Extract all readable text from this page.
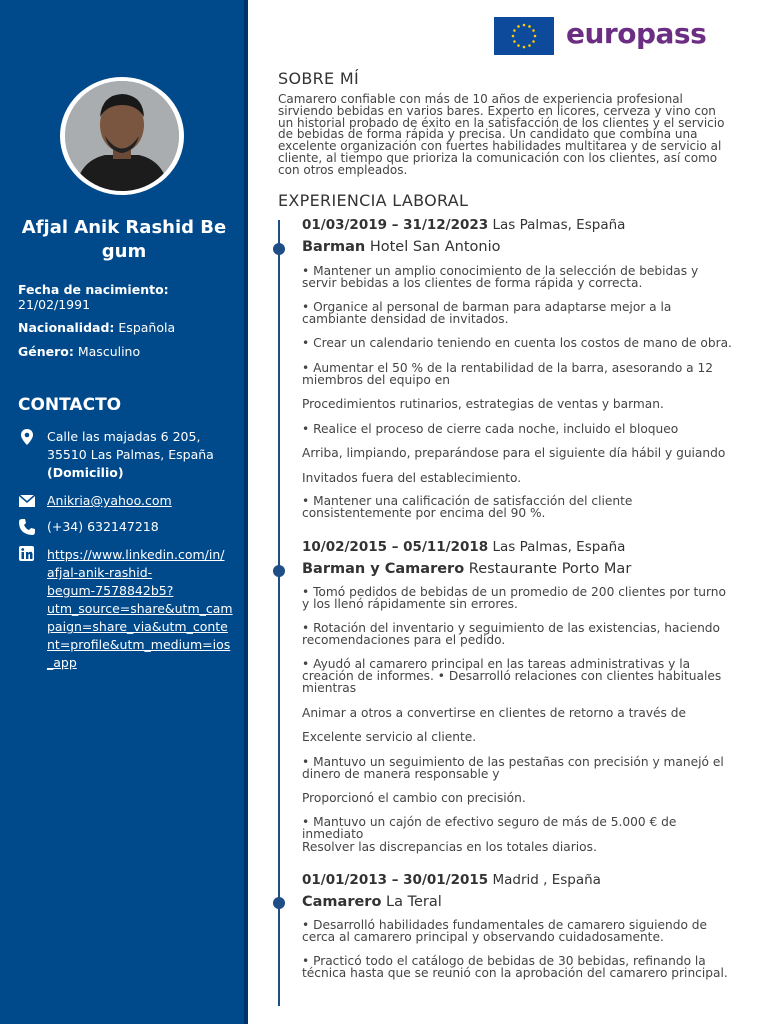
Afjal Anik Rashid Be gum
Fecha de nacimiento:
21/02/1991
Nacionalidad: Española
Género: Masculino
CONTACTO
Calle las majadas 6 205,
35510 Las Palmas, España
(Domicilio)
Anikria@yahoo.com
(+34) 632147218
https://www.linkedin.com/in/
afjal-anik-rashid-
begum-7578842b5?
utm_source=share&utm_cam
paign=share_via&utm_conte
nt=profile&utm_medium=ios
_app
europass
SOBRE MÍ
Camarero confiable con más de 10 años de experiencia profesional sirviendo bebidas en varios bares. Experto en licores, cerveza y vino con un historial probado de éxito en la satisfacción de los clientes y el servicio de bebidas de forma rápida y precisa. Un candidato que combina una excelente organización con fuertes habilidades multitarea y de servicio al cliente, al tiempo que prioriza la comunicación con los clientes, así como con otros empleados.
EXPERIENCIA LABORAL
01/03/2019 – 31/12/2023 Las Palmas, España
Barman Hotel San Antonio
• Mantener un amplio conocimiento de la selección de bebidas y servir bebidas a los clientes de forma rápida y correcta.
• Organice al personal de barman para adaptarse mejor a la cambiante densidad de invitados.
• Crear un calendario teniendo en cuenta los costos de mano de obra.
• Aumentar el 50 % de la rentabilidad de la barra, asesorando a 12 miembros del equipo en
Procedimientos rutinarios, estrategias de ventas y barman.
• Realice el proceso de cierre cada noche, incluido el bloqueo
Arriba, limpiando, preparándose para el siguiente día hábil y guiando
Invitados fuera del establecimiento.
• Mantener una calificación de satisfacción del cliente consistentemente por encima del 90 %.
10/02/2015 – 05/11/2018 Las Palmas, España
Barman y Camarero Restaurante Porto Mar
• Tomó pedidos de bebidas de un promedio de 200 clientes por turno y los llenó rápidamente sin errores.
• Rotación del inventario y seguimiento de las existencias, haciendo recomendaciones para el pedido.
• Ayudó al camarero principal en las tareas administrativas y la creación de informes. • Desarrolló relaciones con clientes habituales mientras
Animar a otros a convertirse en clientes de retorno a través de
Excelente servicio al cliente.
• Mantuvo un seguimiento de las pestañas con precisión y manejó el dinero de manera responsable y
Proporcionó el cambio con precisión.
• Mantuvo un cajón de efectivo seguro de más de 5.000 € de inmediato
Resolver las discrepancias en los totales diarios.
01/01/2013 – 30/01/2015 Madrid , España
Camarero La Teral
• Desarrolló habilidades fundamentales de camarero siguiendo de cerca al camarero principal y observando cuidadosamente.
• Practicó todo el catálogo de bebidas de 30 bebidas, refinando la técnica hasta que se reunió con la aprobación del camarero principal.
